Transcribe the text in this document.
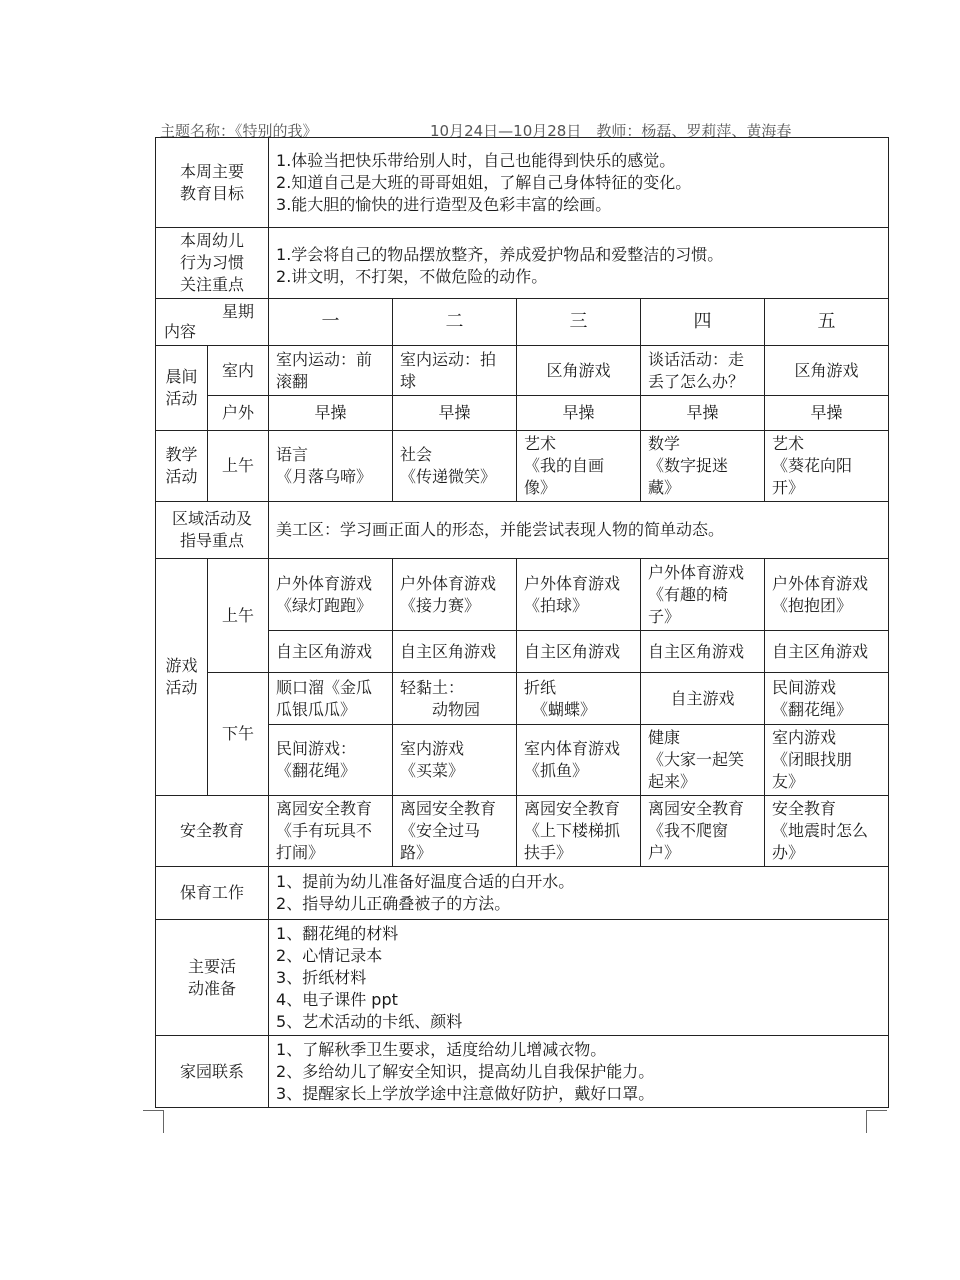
主题名称：《特别的我》　　　　　　　　10月24日—10月28日　教师：杨磊、罗莉萍、黄海春
本周主要
教育目标		1.体验当把快乐带给别人时，自己也能得到快乐的感觉。
2.知道自己是大班的哥哥姐姐，了解自己身体特征的变化。
3.能大胆的愉快的进行造型及色彩丰富的绘画。				
本周幼儿
行为习惯
关注重点		1.学会将自己的物品摆放整齐，养成爱护物品和爱整洁的习惯。
2.讲文明，不打架，不做危险的动作。				

星期
内容		一	二	三	四	五
晨间
活动	室内	室内运动：前
滚翻	室内运动：拍
球	区角游戏	谈话活动：走
丢了怎么办？	区角游戏
	户外	早操	早操	早操	早操	早操
教学
活动	上午	语言
《月落乌啼》	社会
《传递微笑》	艺术
《我的自画
像》	数学
《数字捉迷
藏》	艺术
《葵花向阳
开》
区域活动及
指导重点		美工区：学习画正面人的形态，并能尝试表现人物的简单动态。				
游戏
活动	上午	户外体育游戏
《绿灯跑跑》	户外体育游戏
《接力赛》	户外体育游戏
《拍球》	户外体育游戏
《有趣的椅
子》	户外体育游戏
《抱抱团》
		自主区角游戏	自主区角游戏	自主区角游戏	自主区角游戏	自主区角游戏
	下午	顺口溜《金瓜
瓜银瓜瓜》	轻黏土：
　　动物园	折纸
　《蝴蝶》	自主游戏	民间游戏
《翻花绳》
		民间游戏：
《翻花绳》	室内游戏
《买菜》	室内体育游戏
《抓鱼》	健康
《大家一起笑
起来》	室内游戏
《闭眼找朋
友》
安全教育		离园安全教育
《手有玩具不
打闹》	离园安全教育
《安全过马
路》	离园安全教育
《上下楼梯抓
扶手》	离园安全教育
《我不爬窗
户》	安全教育
《地震时怎么
办》
保育工作		1、提前为幼儿准备好温度合适的白开水。
2、指导幼儿正确叠被子的方法。				
主要活
动准备		1、翻花绳的材料
2、心情记录本
3、折纸材料
4、电子课件 ppt
5、艺术活动的卡纸、颜料				
家园联系		1、了解秋季卫生要求，适度给幼儿增减衣物。
2、多给幼儿了解安全知识，提高幼儿自我保护能力。
3、提醒家长上学放学途中注意做好防护，戴好口罩。				
